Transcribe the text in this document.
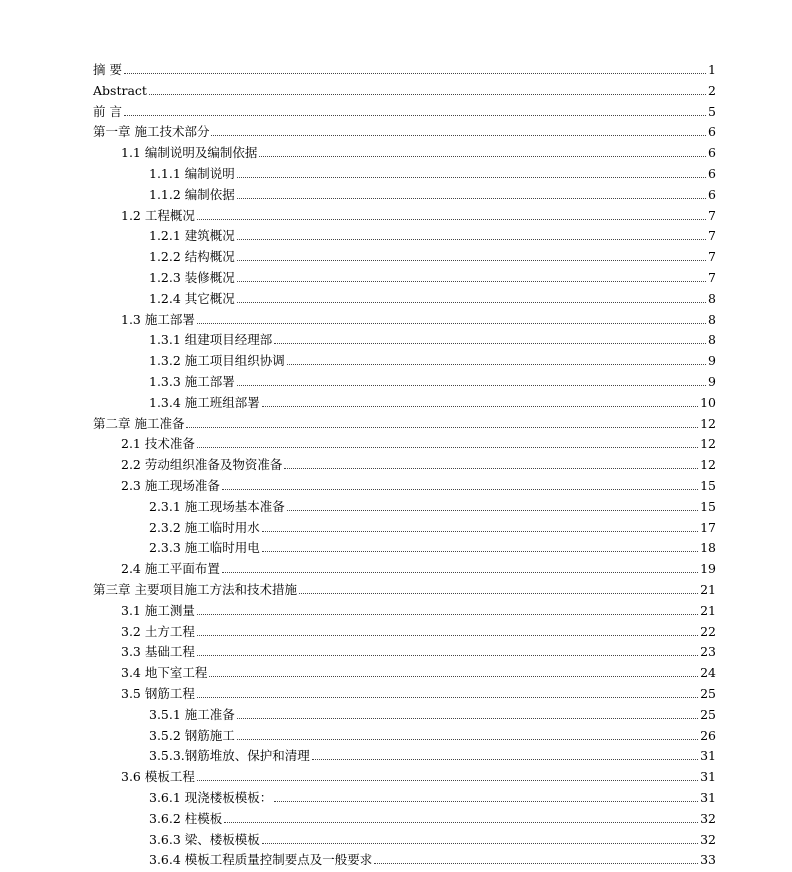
摘 要	1
Abstract	2
前 言	5
第一章 施工技术部分	6
1.1 编制说明及编制依据	6
1.1.1 编制说明	6
1.1.2 编制依据	6
1.2 工程概况	7
1.2.1 建筑概况	7
1.2.2 结构概况	7
1.2.3 装修概况	7
1.2.4 其它概况	8
1.3 施工部署	8
1.3.1 组建项目经理部	8
1.3.2 施工项目组织协调	9
1.3.3 施工部署	9
1.3.4 施工班组部署	10
第二章 施工准备	12
2.1 技术准备	12
2.2 劳动组织准备及物资准备	12
2.3 施工现场准备	15
2.3.1 施工现场基本准备	15
2.3.2 施工临时用水	17
2.3.3 施工临时用电	18
2.4 施工平面布置	19
第三章 主要项目施工方法和技术措施	21
3.1 施工测量	21
3.2 土方工程	22
3.3 基础工程	23
3.4 地下室工程	24
3.5 钢筋工程	25
3.5.1 施工准备	25
3.5.2 钢筋施工	26
3.5.3.钢筋堆放、保护和清理	31
3.6 模板工程	31
3.6.1 现浇楼板模板：	31
3.6.2 柱模板	32
3.6.3 梁、楼板模板	32
3.6.4 模板工程质量控制要点及一般要求	33
